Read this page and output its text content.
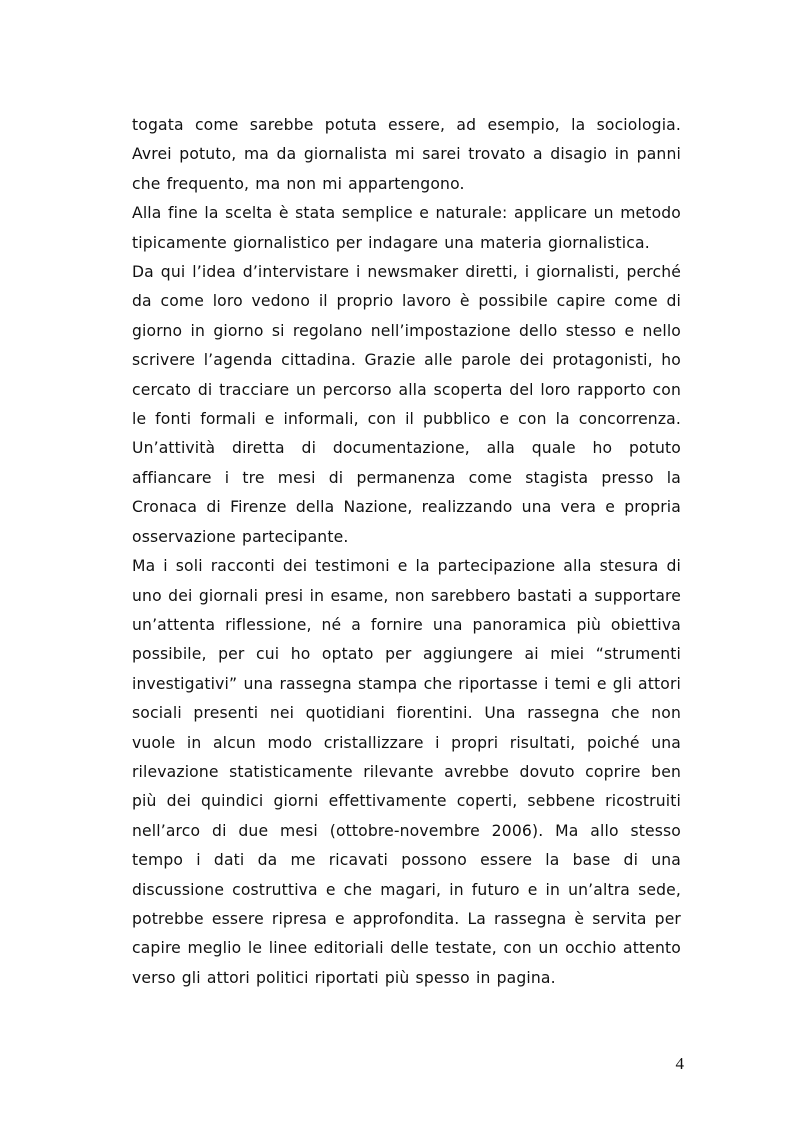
togata come sarebbe potuta essere, ad esempio, la sociologia. Avrei potuto, ma da giornalista mi sarei trovato a disagio in panni che frequento, ma non mi appartengono.

Alla fine la scelta è stata semplice e naturale: applicare un metodo tipicamente giornalistico per indagare una materia giornalistica.

Da qui l’idea d’intervistare i newsmaker diretti, i giornalisti, perché da come loro vedono il proprio lavoro è possibile capire come di giorno in giorno si regolano nell’impostazione dello stesso e nello scrivere l’agenda cittadina. Grazie alle parole dei protagonisti, ho cercato di tracciare un percorso alla scoperta del loro rapporto con le fonti formali e informali, con il pubblico e con la concorrenza. Un’attività diretta di documentazione, alla quale ho potuto affiancare i tre mesi di permanenza come stagista presso la Cronaca di Firenze della Nazione, realizzando una vera e propria osservazione partecipante.

Ma i soli racconti dei testimoni e la partecipazione alla stesura di uno dei giornali presi in esame, non sarebbero bastati a supportare un’attenta riflessione, né a fornire una panoramica più obiettiva possibile, per cui ho optato per aggiungere ai miei “strumenti investigativi” una rassegna stampa che riportasse i temi e gli attori sociali presenti nei quotidiani fiorentini. Una rassegna che non vuole in alcun modo cristallizzare i propri risultati, poiché una rilevazione statisticamente rilevante avrebbe dovuto coprire ben più dei quindici giorni effettivamente coperti, sebbene ricostruiti nell’arco di due mesi (ottobre-novembre 2006). Ma allo stesso tempo i dati da me ricavati possono essere la base di una discussione costruttiva e che magari, in futuro e in un’altra sede, potrebbe essere ripresa e approfondita. La rassegna è servita per capire meglio le linee editoriali delle testate, con un occhio attento verso gli attori politici riportati più spesso in pagina.

4
